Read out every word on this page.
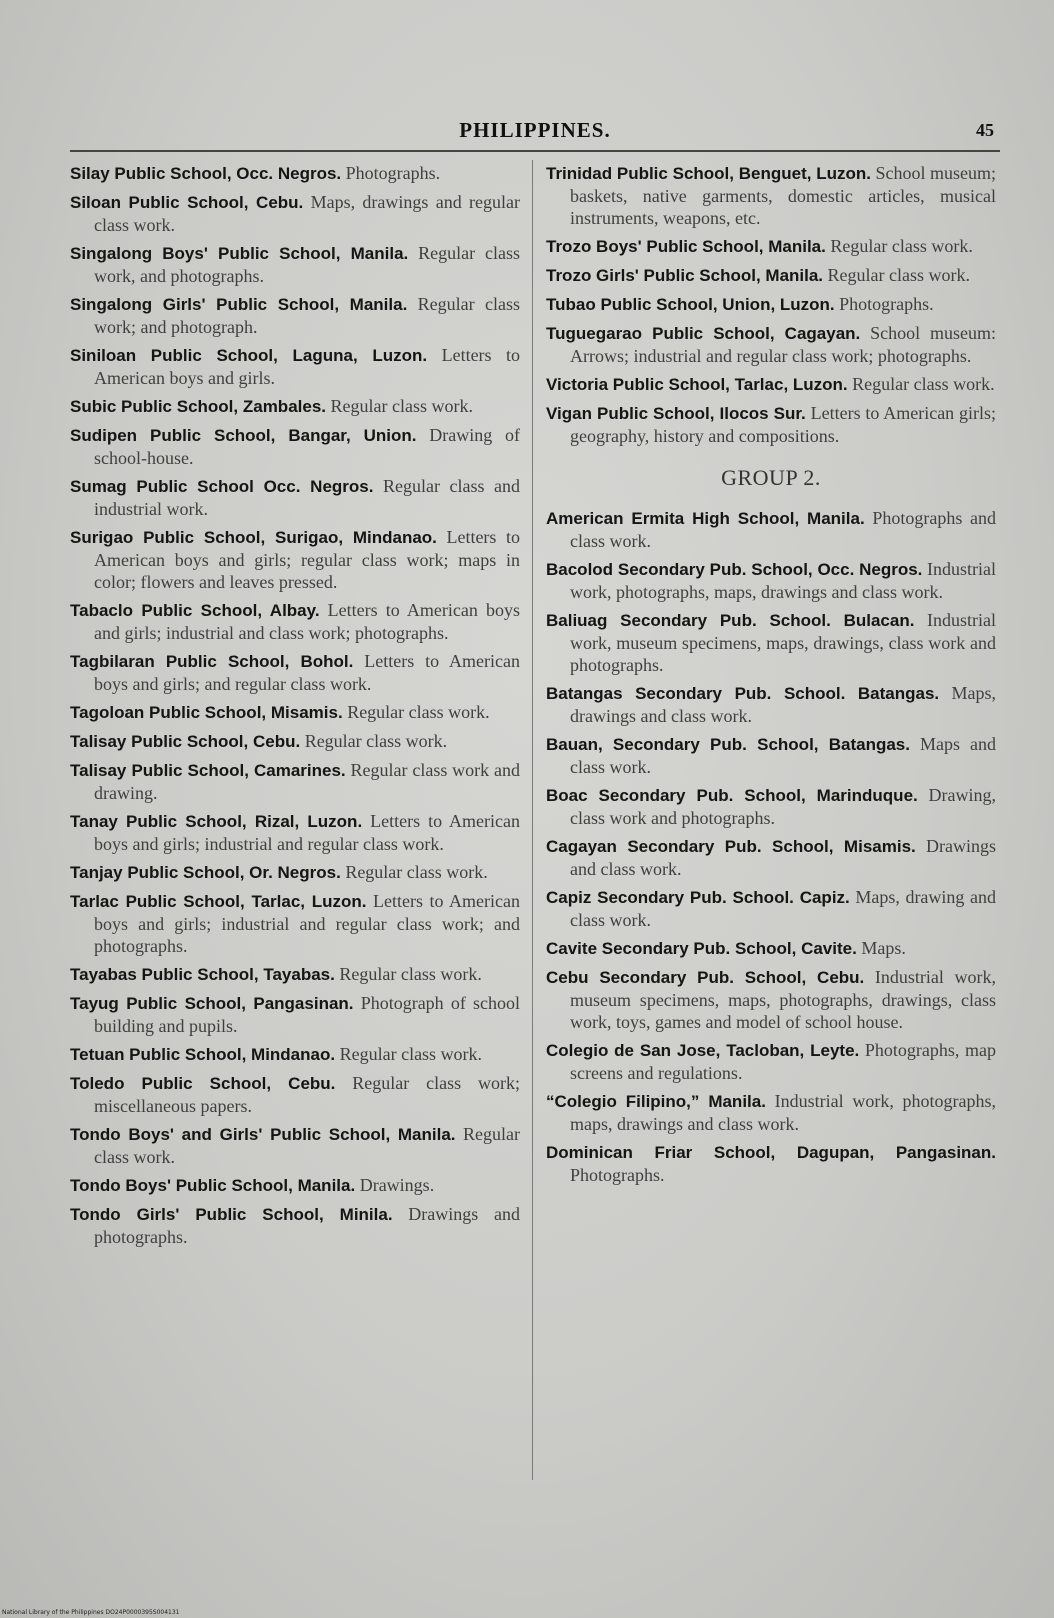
PHILIPPINES.	45
Silay Public School, Occ. Negros. Photographs.
Siloan Public School, Cebu. Maps, drawings and regular class work.
Singalong Boys' Public School, Manila. Regular class work, and photographs.
Singalong Girls' Public School, Manila. Regular class work; and photograph.
Siniloan Public School, Laguna, Luzon. Letters to American boys and girls.
Subic Public School, Zambales. Regular class work.
Sudipen Public School, Bangar, Union. Drawing of school-house.
Sumag Public School Occ. Negros. Regular class and industrial work.
Surigao Public School, Surigao, Mindanao. Letters to American boys and girls; regular class work; maps in color; flowers and leaves pressed.
Tabaclo Public School, Albay. Letters to American boys and girls; industrial and class work; photographs.
Tagbilaran Public School, Bohol. Letters to American boys and girls; and regular class work.
Tagoloan Public School, Misamis. Regular class work.
Talisay Public School, Cebu. Regular class work.
Talisay Public School, Camarines. Regular class work and drawing.
Tanay Public School, Rizal, Luzon. Letters to American boys and girls; industrial and regular class work.
Tanjay Public School, Or. Negros. Regular class work.
Tarlac Public School, Tarlac, Luzon. Letters to American boys and girls; industrial and regular class work; and photographs.
Tayabas Public School, Tayabas. Regular class work.
Tayug Public School, Pangasinan. Photograph of school building and pupils.
Tetuan Public School, Mindanao. Regular class work.
Toledo Public School, Cebu. Regular class work; miscellaneous papers.
Tondo Boys' and Girls' Public School, Manila. Regular class work.
Tondo Boys' Public School, Manila. Drawings.
Tondo Girls' Public School, Minila. Drawings and photographs.
Trinidad Public School, Benguet, Luzon. School museum; baskets, native garments, domestic articles, musical instruments, weapons, etc.
Trozo Boys' Public School, Manila. Regular class work.
Trozo Girls' Public School, Manila. Regular class work.
Tubao Public School, Union, Luzon. Photographs.
Tuguegarao Public School, Cagayan. School museum: Arrows; industrial and regular class work; photographs.
Victoria Public School, Tarlac, Luzon. Regular class work.
Vigan Public School, Ilocos Sur. Letters to American girls; geography, history and compositions.
GROUP 2.
American Ermita High School, Manila. Photographs and class work.
Bacolod Secondary Pub. School, Occ. Negros. Industrial work, photographs, maps, drawings and class work.
Baliuag Secondary Pub. School. Bulacan. Industrial work, museum specimens, maps, drawings, class work and photographs.
Batangas Secondary Pub. School. Batangas. Maps, drawings and class work.
Bauan, Secondary Pub. School, Batangas. Maps and class work.
Boac Secondary Pub. School, Marinduque. Drawing, class work and photographs.
Cagayan Secondary Pub. School, Misamis. Drawings and class work.
Capiz Secondary Pub. School. Capiz. Maps, drawing and class work.
Cavite Secondary Pub. School, Cavite. Maps.
Cebu Secondary Pub. School, Cebu. Industrial work, museum specimens, maps, photographs, drawings, class work, toys, games and model of school house.
Colegio de San Jose, Tacloban, Leyte. Photographs, map screens and regulations.
“Colegio Filipino,” Manila. Industrial work, photographs, maps, drawings and class work.
Dominican Friar School, Dagupan, Pangasinan. Photographs.
National Library of the Philippines DO24P0000395S004131
